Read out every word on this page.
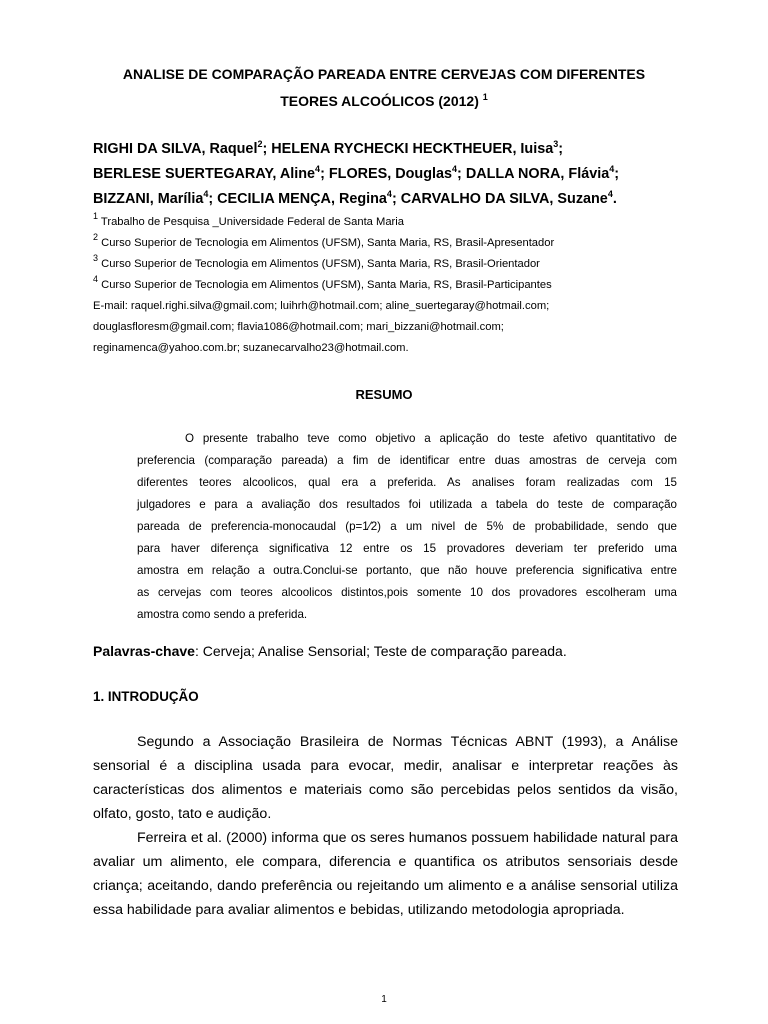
ANALISE DE COMPARAÇÃO PAREADA ENTRE CERVEJAS COM DIFERENTES
TEORES ALCOÓLICOS (2012) $^1$
RIGHI DA SILVA, Raquel$^2$; HELENA RYCHECKI HECKTHEUER, Iuisa$^3$;
BERLESE SUERTEGARAY, Aline$^4$; FLORES, Douglas$^4$; DALLA NORA, Flávia$^4$;
BIZZANI, Marília$^4$; CECILIA MENÇA, Regina$^4$; CARVALHO DA SILVA, Suzane$^4$.
$^1$ Trabalho de Pesquisa _Universidade Federal de Santa Maria
$^2$ Curso Superior de Tecnologia em Alimentos (UFSM), Santa Maria, RS, Brasil-Apresentador
$^3$ Curso Superior de Tecnologia em Alimentos (UFSM), Santa Maria, RS, Brasil-Orientador
$^4$ Curso Superior de Tecnologia em Alimentos (UFSM), Santa Maria, RS, Brasil-Participantes
E-mail: raquel.righi.silva@gmail.com; luihrh@hotmail.com; aline_suertegaray@hotmail.com;
douglasfloresm@gmail.com; flavia1086@hotmail.com; mari_bizzani@hotmail.com;
reginamenca@yahoo.com.br; suzanecarvalho23@hotmail.com.
RESUMO
O presente trabalho teve como objetivo a aplicação do teste afetivo quantitativo de
preferencia (comparação pareada) a fim de identificar entre duas amostras de cerveja com
diferentes teores alcoolicos, qual era a preferida. As analises foram realizadas com 15
julgadores e para a avaliação dos resultados foi utilizada a tabela do teste de comparação
pareada de preferencia-monocaudal (p=1⁄2) a um nivel de 5% de probabilidade, sendo que
para haver diferença significativa 12 entre os 15 provadores deveriam ter preferido uma
amostra em relação a outra.Conclui-se portanto, que não houve preferencia significativa entre
as cervejas com teores alcoolicos distintos,pois somente 10 dos provadores escolheram uma
amostra como sendo a preferida.
Palavras-chave: Cerveja; Analise Sensorial; Teste de comparação pareada.
1. INTRODUÇÃO
Segundo a Associação Brasileira de Normas Técnicas ABNT (1993), a Análise
sensorial é a disciplina usada para evocar, medir, analisar e interpretar reações às
características dos alimentos e materiais como são percebidas pelos sentidos da visão,
olfato, gosto, tato e audição.
Ferreira et al. (2000) informa que os seres humanos possuem habilidade natural para
avaliar um alimento, ele compara, diferencia e quantifica os atributos sensoriais desde
criança; aceitando, dando preferência ou rejeitando um alimento e a análise sensorial utiliza
essa habilidade para avaliar alimentos e bebidas, utilizando metodologia apropriada.
1
